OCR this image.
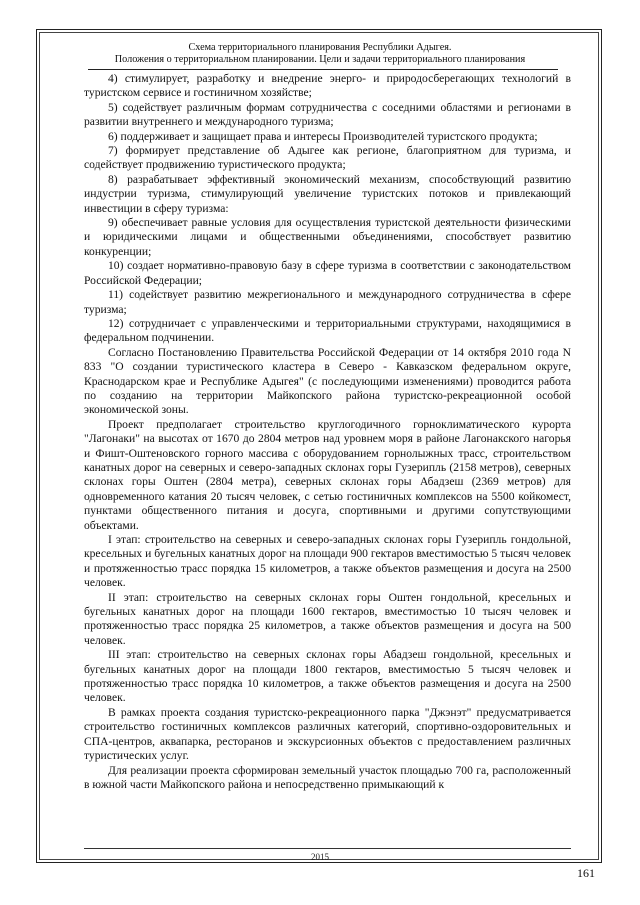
Схема территориального планирования Республики Адыгея.
Положения о территориальном планировании. Цели и задачи территориального планирования

4) стимулирует, разработку и внедрение энерго- и природосберегающих технологий в туристском сервисе и гостиничном хозяйстве;

5) содействует различным формам сотрудничества с соседними областями и регионами в развитии внутреннего и международного туризма;

6) поддерживает и защищает права и интересы Производителей туристского продукта;

7) формирует представление об Адыгее как регионе, благоприятном для туризма, и содействует продвижению туристического продукта;

8) разрабатывает эффективный экономический механизм, способствующий развитию индустрии туризма, стимулирующий увеличение туристских потоков и привлекающий инвестиции в сферу туризма:

9) обеспечивает равные условия для осуществления туристской деятельности физическими и юридическими лицами и общественными объединениями, способствует развитию конкуренции;

10) создает нормативно-правовую базу в сфере туризма в соответствии с законодательством Российской Федерации;

11) содействует развитию межрегионального и международного сотрудничества в сфере туризма;

12) сотрудничает с управленческими и территориальными структурами, находящимися в федеральном подчинении.

Согласно Постановлению Правительства Российской Федерации от 14 октября 2010 года N 833 "О создании туристического кластера в Северо - Кавказском федеральном округе, Краснодарском крае и Республике Адыгея" (с последующими изменениями) проводится работа по созданию на территории Майкопского района туристско-рекреационной особой экономической зоны.

Проект предполагает строительство круглогодичного горноклиматического курорта "Лагонаки" на высотах от 1670 до 2804 метров над уровнем моря в районе Лагонакского нагорья и Фишт-Оштеновского горного массива с оборудованием горнолыжных трасс, строительством канатных дорог на северных и северо-западных склонах горы Гузерипль (2158 метров), северных склонах горы Оштен (2804 метра), северных склонах горы Абадзеш (2369 метров) для одновременного катания 20 тысяч человек, с сетью гостиничных комплексов на 5500 койкомест, пунктами общественного питания и досуга, спортивными и другими сопутствующими объектами.

I этап: строительство на северных и северо-западных склонах горы Гузерипль гондольной, кресельных и бугельных канатных дорог на площади 900 гектаров вместимостью 5 тысяч человек и протяженностью трасс порядка 15 километров, а также объектов размещения и досуга на 2500 человек.

II этап: строительство на северных склонах горы Оштен гондольной, кресельных и бугельных канатных дорог на площади 1600 гектаров, вместимостью 10 тысяч человек и протяженностью трасс порядка 25 километров, а также объектов размещения и досуга на 500 человек.

III этап: строительство на северных склонах горы Абадзеш гондольной, кресельных и бугельных канатных дорог на площади 1800 гектаров, вместимостью 5 тысяч человек и протяженностью трасс порядка 10 километров, а также объектов размещения и досуга на 2500 человек.

В рамках проекта создания туристско-рекреационного парка "Джэнэт" предусматривается строительство гостиничных комплексов различных категорий, спортивно-оздоровительных и СПА-центров, аквапарка, ресторанов и экскурсионных объектов с предоставлением различных туристических услуг.

Для реализации проекта сформирован земельный участок площадью 700 га, расположенный в южной части Майкопского района и непосредственно примыкающий к

2015
161
